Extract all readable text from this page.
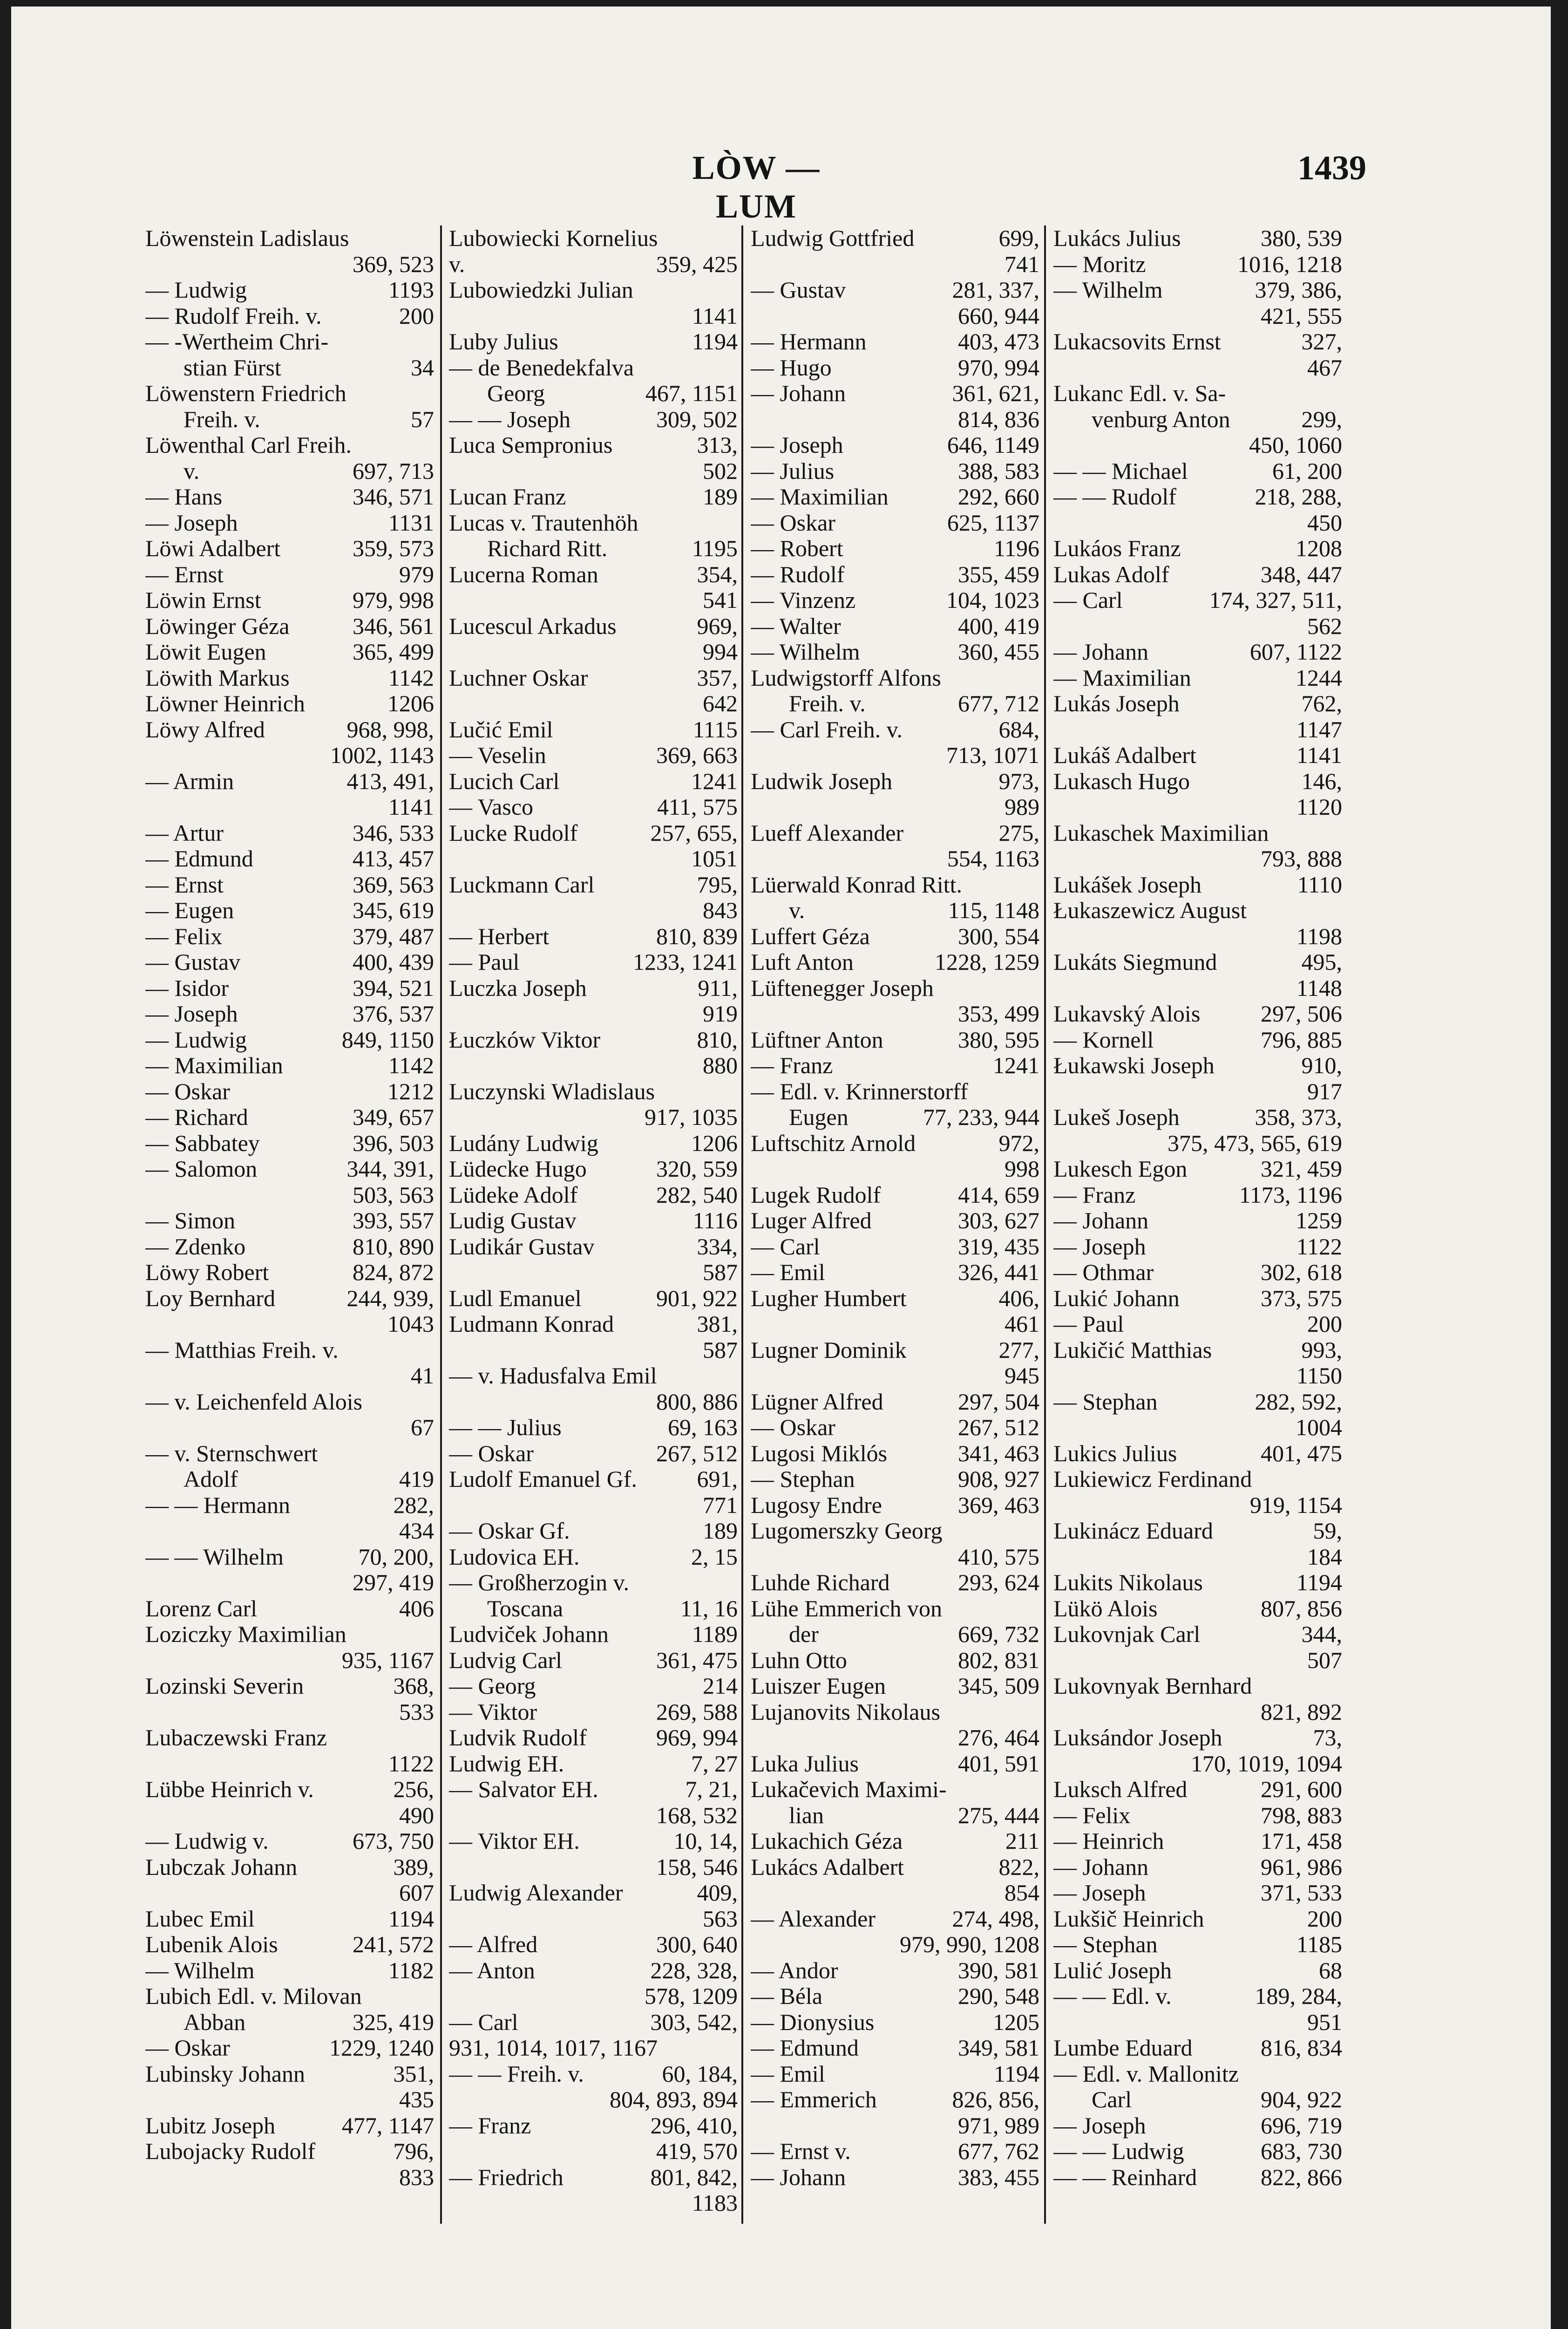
LÒW — LUM
1439
Löwenstein Ladislaus
369, 523
— Ludwig	1193
— Rudolf Freih. v.	200
— -Wertheim Chri-
stian Fürst	34
Löwenstern Friedrich
Freih. v.	57
Löwenthal Carl Freih.
v.	697, 713
— Hans	346, 571
— Joseph	1131
Löwi Adalbert	359, 573
— Ernst	979
Löwin Ernst	979, 998
Löwinger Géza	346, 561
Löwit Eugen	365, 499
Löwith Markus	1142
Löwner Heinrich	1206
Löwy Alfred	968, 998,
1002, 1143
— Armin	413, 491,
1141
— Artur	346, 533
— Edmund	413, 457
— Ernst	369, 563
— Eugen	345, 619
— Felix	379, 487
— Gustav	400, 439
— Isidor	394, 521
— Joseph	376, 537
— Ludwig	849, 1150
— Maximilian	1142
— Oskar	1212
— Richard	349, 657
— Sabbatey	396, 503
— Salomon	344, 391,
503, 563
— Simon	393, 557
— Zdenko	810, 890
Löwy Robert	824, 872
Loy Bernhard	244, 939,
1043
— Matthias Freih. v.
41
— v. Leichenfeld Alois
67
— v. Sternschwert
Adolf	419
— — Hermann	282,
434
— — Wilhelm	70, 200,
297, 419
Lorenz Carl	406
Loziczky Maximilian
935, 1167
Lozinski Severin	368,
533
Lubaczewski Franz
1122
Lübbe Heinrich v.	256,
490
— Ludwig v.	673, 750
Lubczak Johann	389,
607
Lubec Emil	1194
Lubenik Alois	241, 572
— Wilhelm	1182
Lubich Edl. v. Milovan
Abban	325, 419
— Oskar	1229, 1240
Lubinsky Johann	351,
435
Lubitz Joseph	477, 1147
Lubojacky Rudolf	796,
833
Lubowiecki Kornelius
v.	359, 425
Lubowiedzki Julian
1141
Luby Julius	1194
— de Benedekfalva
Georg	467, 1151
— — Joseph	309, 502
Luca Sempronius	313,
502
Lucan Franz	189
Lucas v. Trautenhöh
Richard Ritt.	1195
Lucerna Roman	354,
541
Lucescul Arkadus	969,
994
Luchner Oskar	357,
642
Lučić Emil	1115
— Veselin	369, 663
Lucich Carl	1241
— Vasco	411, 575
Lucke Rudolf	257, 655,
1051
Luckmann Carl	795,
843
— Herbert	810, 839
— Paul	1233, 1241
Luczka Joseph	911,
919
Łuczków Viktor	810,
880
Luczynski Wladislaus
917, 1035
Ludány Ludwig	1206
Lüdecke Hugo	320, 559
Lüdeke Adolf	282, 540
Ludig Gustav	1116
Ludikár Gustav	334,
587
Ludl Emanuel	901, 922
Ludmann Konrad	381,
587
— v. Hadusfalva Emil
800, 886
— — Julius	69, 163
— Oskar	267, 512
Ludolf Emanuel Gf.	691,
771
— Oskar Gf.	189
Ludovica EH.	2, 15
— Großherzogin v.
Toscana	11, 16
Ludviček Johann	1189
Ludvig Carl	361, 475
— Georg	214
— Viktor	269, 588
Ludvik Rudolf	969, 994
Ludwig EH.	7, 27
— Salvator EH.	7, 21,
168, 532
— Viktor EH.	10, 14,
158, 546
Ludwig Alexander	409,
563
— Alfred	300, 640
— Anton	228, 328,
578, 1209
— Carl	303, 542,
931, 1014, 1017, 1167
— — Freih. v.	60, 184,
804, 893, 894
— Franz	296, 410,
419, 570
— Friedrich	801, 842,
1183
Ludwig Gottfried	699,
741
— Gustav	281, 337,
660, 944
— Hermann	403, 473
— Hugo	970, 994
— Johann	361, 621,
814, 836
— Joseph	646, 1149
— Julius	388, 583
— Maximilian	292, 660
— Oskar	625, 1137
— Robert	1196
— Rudolf	355, 459
— Vinzenz	104, 1023
— Walter	400, 419
— Wilhelm	360, 455
Ludwigstorff Alfons
Freih. v.	677, 712
— Carl Freih. v.	684,
713, 1071
Ludwik Joseph	973,
989
Lueff Alexander	275,
554, 1163
Lüerwald Konrad Ritt.
v.	115, 1148
Luffert Géza	300, 554
Luft Anton	1228, 1259
Lüftenegger Joseph
353, 499
Lüftner Anton	380, 595
— Franz	1241
— Edl. v. Krinnerstorff
Eugen	77, 233, 944
Luftschitz Arnold	972,
998
Lugek Rudolf	414, 659
Luger Alfred	303, 627
— Carl	319, 435
— Emil	326, 441
Lugher Humbert	406,
461
Lugner Dominik	277,
945
Lügner Alfred	297, 504
— Oskar	267, 512
Lugosi Miklós	341, 463
— Stephan	908, 927
Lugosy Endre	369, 463
Lugomerszky Georg
410, 575
Luhde Richard	293, 624
Lühe Emmerich von
der	669, 732
Luhn Otto	802, 831
Luiszer Eugen	345, 509
Lujanovits Nikolaus
276, 464
Luka Julius	401, 591
Lukačevich Maximi-
lian	275, 444
Lukachich Géza	211
Lukács Adalbert	822,
854
— Alexander	274, 498,
979, 990, 1208
— Andor	390, 581
— Béla	290, 548
— Dionysius	1205
— Edmund	349, 581
— Emil	1194
— Emmerich	826, 856,
971, 989
— Ernst v.	677, 762
— Johann	383, 455
Lukács Julius	380, 539
— Moritz	1016, 1218
— Wilhelm	379, 386,
421, 555
Lukacsovits Ernst	327,
467
Lukanc Edl. v. Sa-
venburg Anton	299,
450, 1060
— — Michael	61, 200
— — Rudolf	218, 288,
450
Lukáos Franz	1208
Lukas Adolf	348, 447
— Carl	174, 327, 511,
562
— Johann	607, 1122
— Maximilian	1244
Lukás Joseph	762,
1147
Lukáš Adalbert	1141
Lukasch Hugo	146,
1120
Lukaschek Maximilian
793, 888
Lukášek Joseph	1110
Łukaszewicz August
1198
Lukáts Siegmund	495,
1148
Lukavský Alois	297, 506
— Kornell	796, 885
Łukawski Joseph	910,
917
Lukeš Joseph	358, 373,
375, 473, 565, 619
Lukesch Egon	321, 459
— Franz	1173, 1196
— Johann	1259
— Joseph	1122
— Othmar	302, 618
Lukić Johann	373, 575
— Paul	200
Lukičić Matthias	993,
1150
— Stephan	282, 592,
1004
Lukics Julius	401, 475
Lukiewicz Ferdinand
919, 1154
Lukinácz Eduard	59,
184
Lukits Nikolaus	1194
Lükö Alois	807, 856
Lukovnjak Carl	344,
507
Lukovnyak Bernhard
821, 892
Luksándor Joseph	73,
170, 1019, 1094
Luksch Alfred	291, 600
— Felix	798, 883
— Heinrich	171, 458
— Johann	961, 986
— Joseph	371, 533
Lukšič Heinrich	200
— Stephan	1185
Lulić Joseph	68
— — Edl. v.	189, 284,
951
Lumbe Eduard	816, 834
— Edl. v. Mallonitz
Carl	904, 922
— Joseph	696, 719
— — Ludwig	683, 730
— — Reinhard	822, 866
